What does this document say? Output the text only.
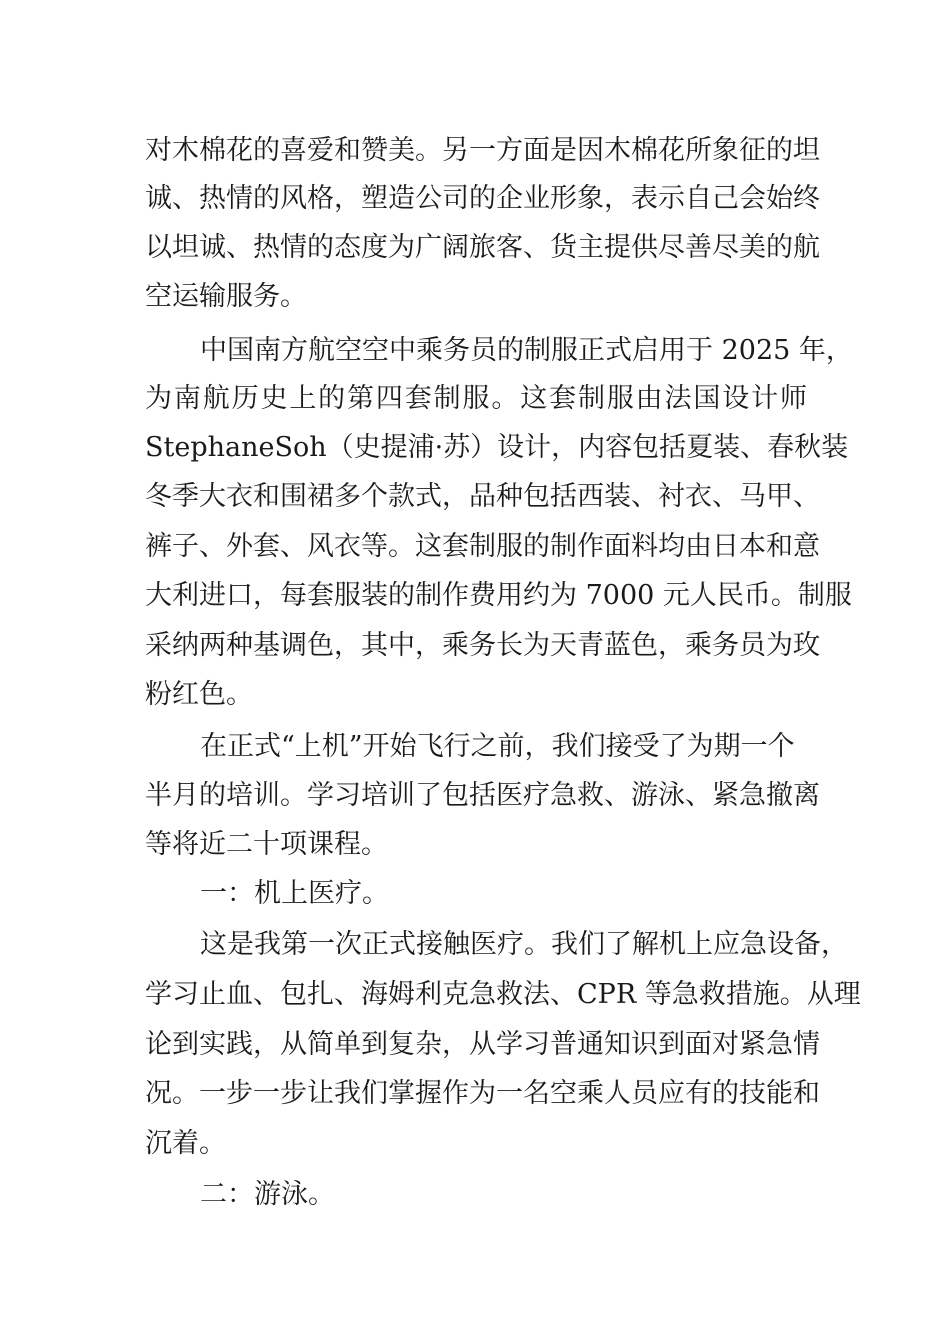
对木棉花的喜爱和赞美。另一方面是因木棉花所象征的坦
诚、热情的风格，塑造公司的企业形象，表示自己会始终
以坦诚、热情的态度为广阔旅客、货主提供尽善尽美的航
空运输服务。
中国南方航空空中乘务员的制服正式启用于 2025 年，
为南航历史上的第四套制服。这套制服由法国设计师
StephaneSoh（史提浦·苏）设计，内容包括夏装、春秋装
冬季大衣和围裙多个款式，品种包括西装、衬衣、马甲、
裤子、外套、风衣等。这套制服的制作面料均由日本和意
大利进口，每套服装的制作费用约为 7000 元人民币。制服
采纳两种基调色，其中，乘务长为天青蓝色，乘务员为玫
粉红色。
在正式“上机”开始飞行之前，我们接受了为期一个
半月的培训。学习培训了包括医疗急救、游泳、紧急撤离
等将近二十项课程。
一：机上医疗。
这是我第一次正式接触医疗。我们了解机上应急设备，
学习止血、包扎、海姆利克急救法、CPR 等急救措施。从理
论到实践，从简单到复杂，从学习普通知识到面对紧急情
况。一步一步让我们掌握作为一名空乘人员应有的技能和
沉着。
二：游泳。
